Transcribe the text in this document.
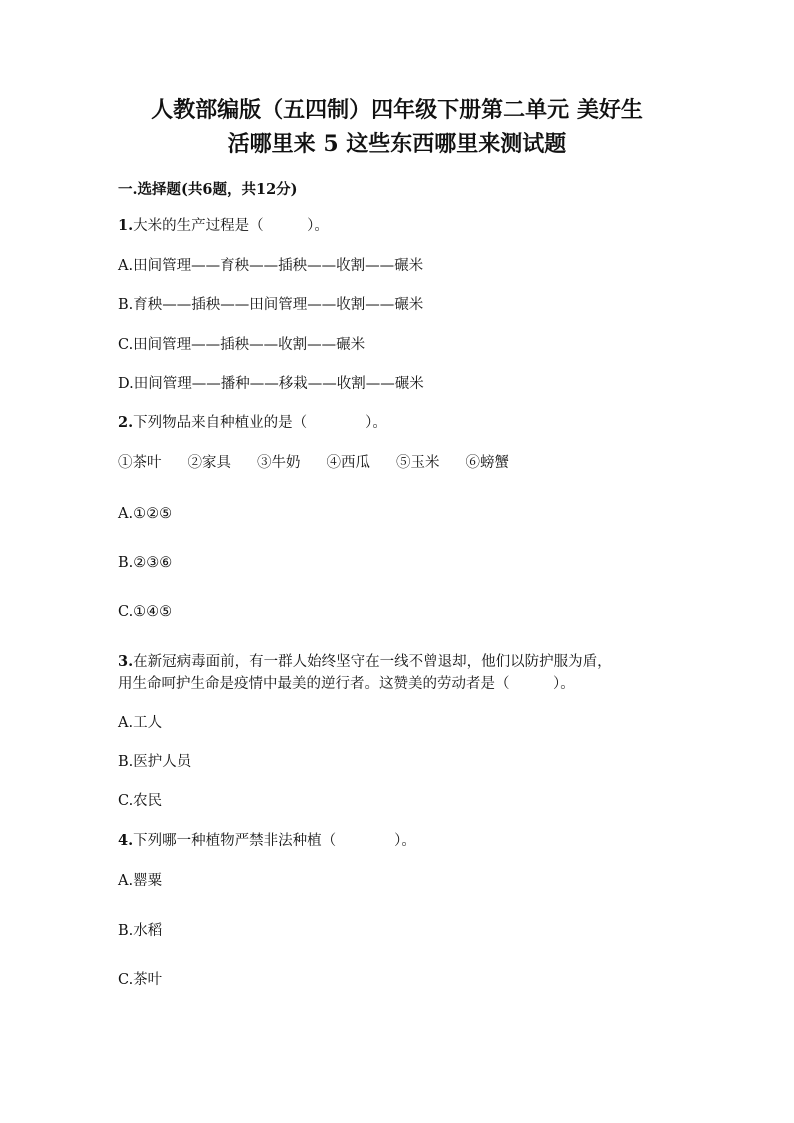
人教部编版（五四制）四年级下册第二单元 美好生
活哪里来 5 这些东西哪里来测试题
一.选择题(共6题，共12分)
1.大米的生产过程是（　　　）。
A.田间管理——育秧——插秧——收割——碾米
B.育秧——插秧——田间管理——收割——碾米
C.田间管理——插秧——收割——碾米
D.田间管理——播种——移栽——收割——碾米
2.下列物品来自种植业的是（　　　　）。
①茶叶 ②家具 ③牛奶 ④西瓜 ⑤玉米 ⑥螃蟹
A.①②⑤
B.②③⑥
C.①④⑤
3.在新冠病毒面前，有一群人始终坚守在一线不曾退却，他们以防护服为盾，
用生命呵护生命是疫情中最美的逆行者。这赞美的劳动者是（　　　）。
A.工人
B.医护人员
C.农民
4.下列哪一种植物严禁非法种植（　　　　）。
A.罂粟
B.水稻
C.茶叶
